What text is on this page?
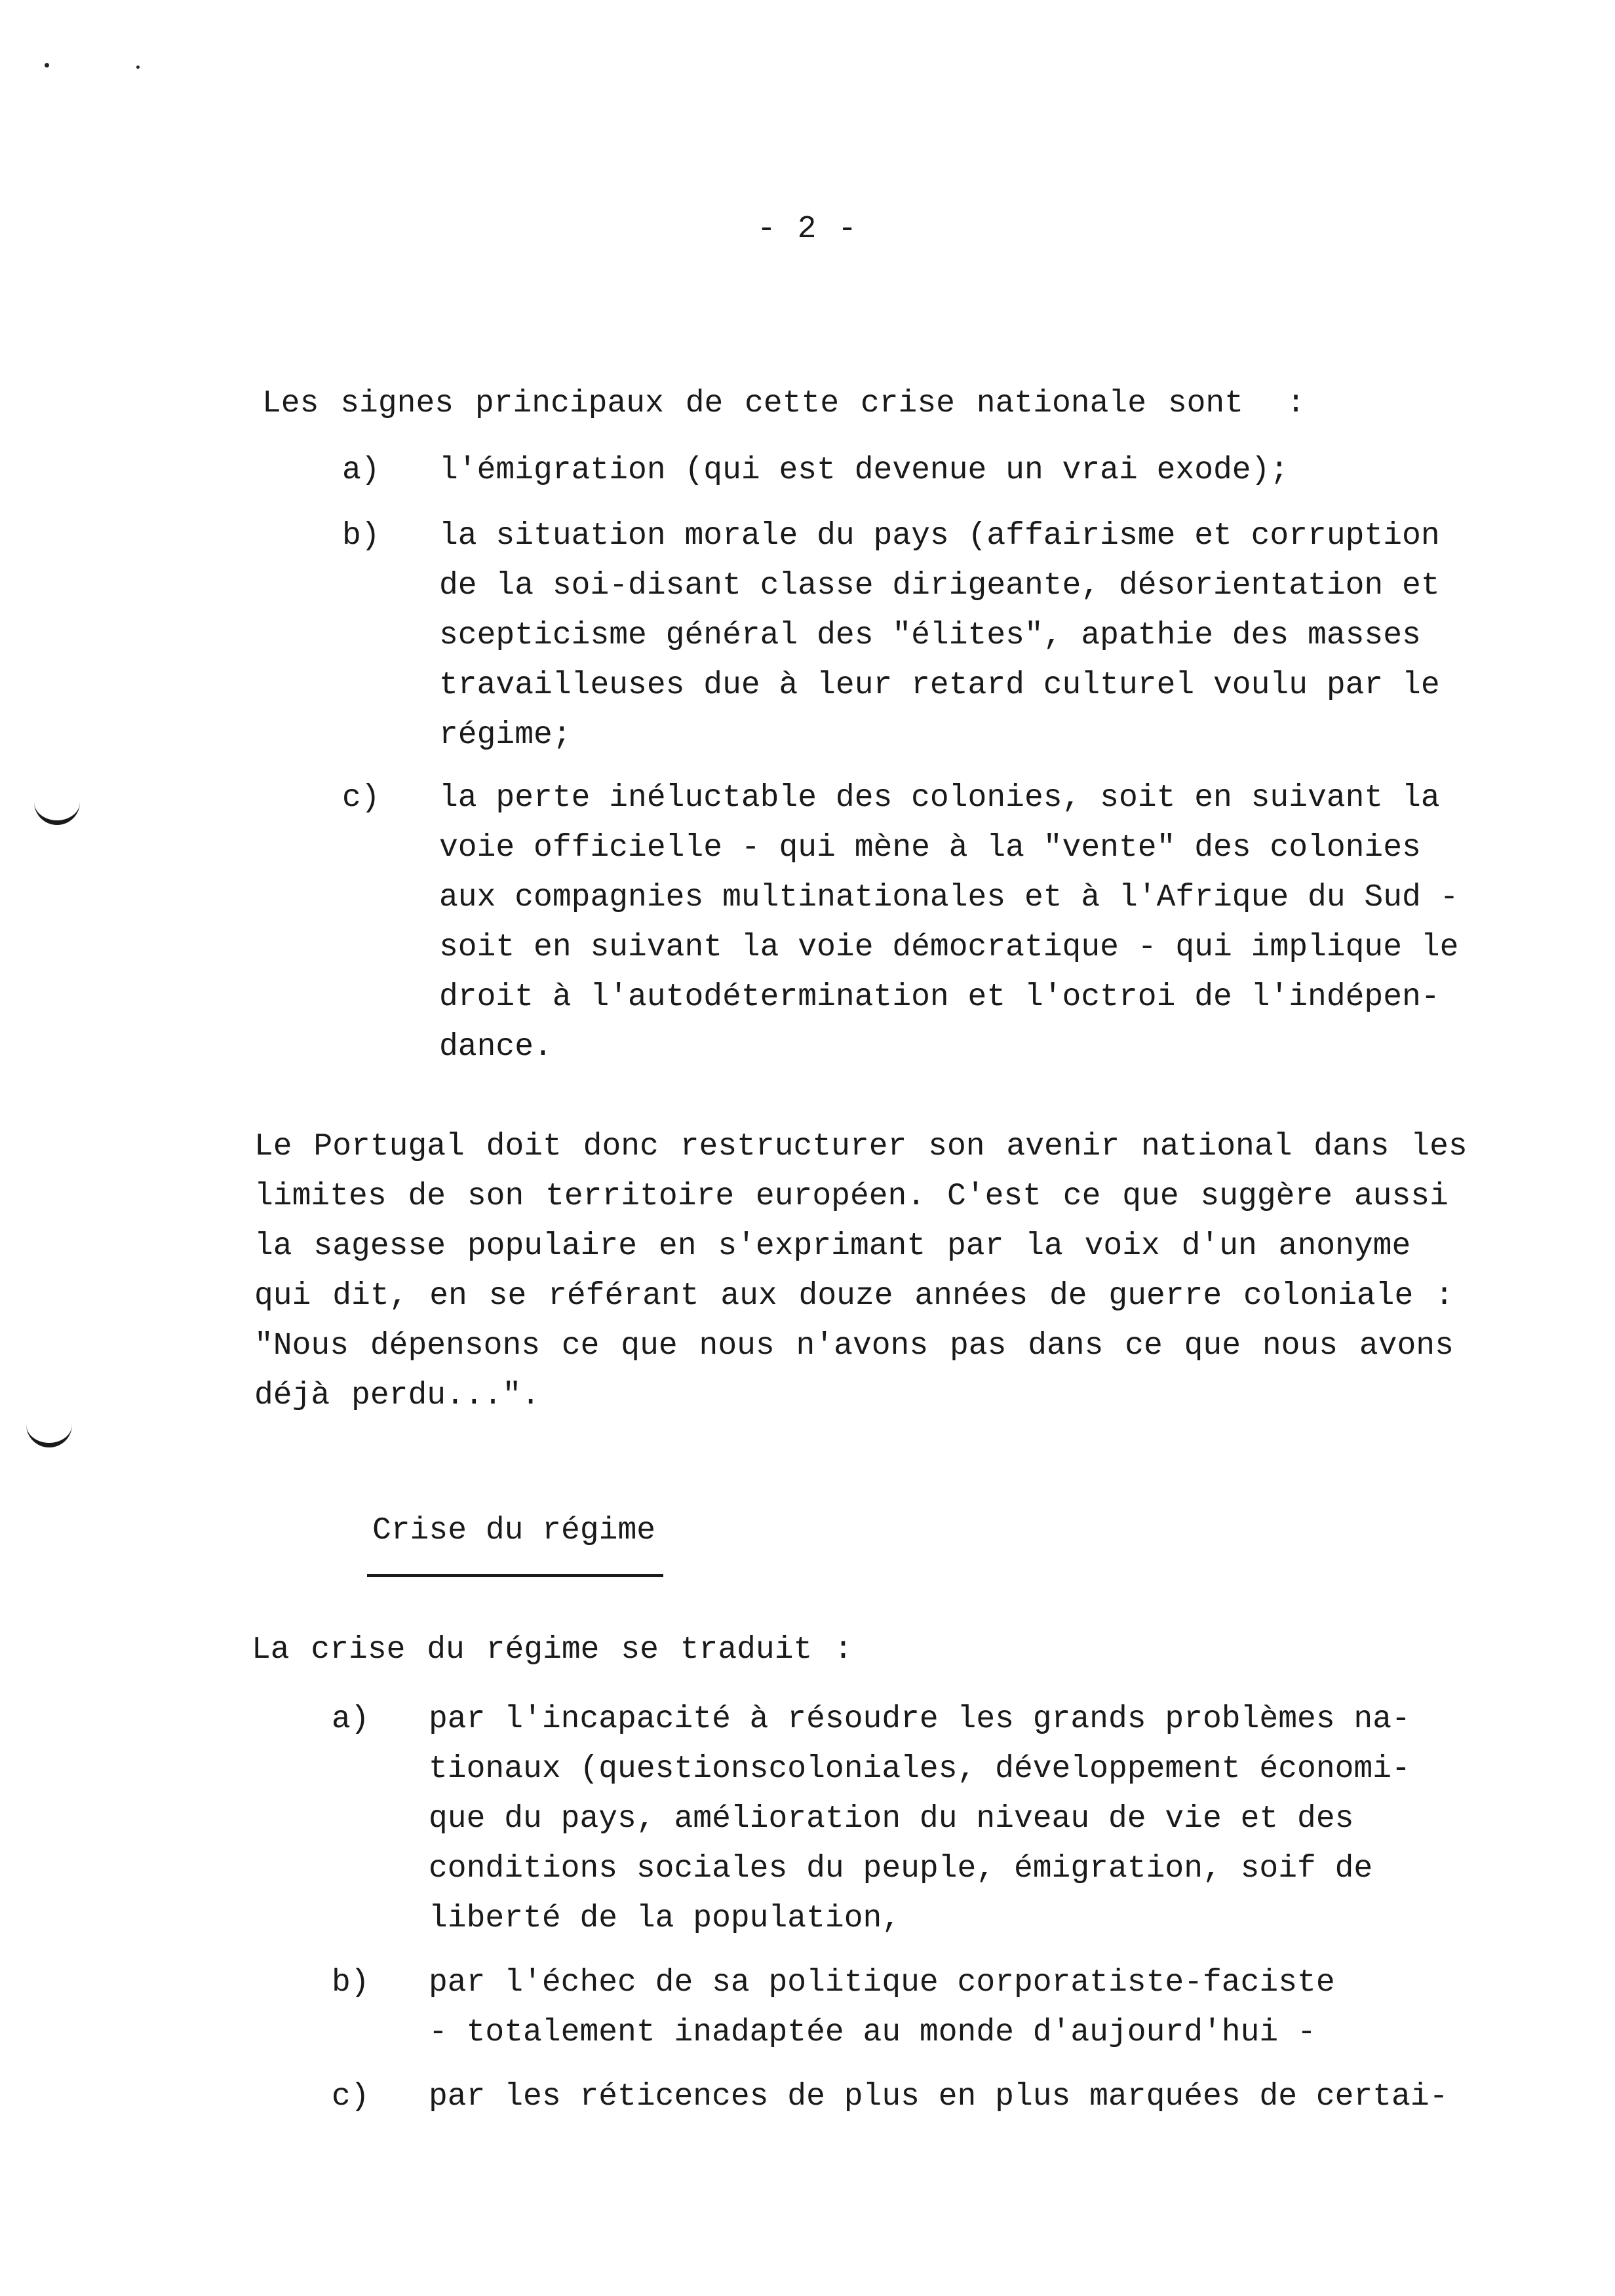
- 2 -
Les signes principaux de cette crise nationale sont  :
a)	l'émigration (qui est devenue un vrai exode);
b)	la situation morale du pays (affairisme et corruption
de la soi-disant classe dirigeante, désorientation et
scepticisme général des "élites", apathie des masses
travailleuses due à leur retard culturel voulu par le
régime;
c)	la perte inéluctable des colonies, soit en suivant la
voie officielle - qui mène à la "vente" des colonies
aux compagnies multinationales et à l'Afrique du Sud -
soit en suivant la voie démocratique - qui implique le
droit à l'autodétermination et l'octroi de l'indépen-
dance.
Le Portugal doit donc restructurer son avenir national dans les
limites de son territoire européen. C'est ce que suggère aussi
la sagesse populaire en s'exprimant par la voix d'un anonyme
qui dit, en se référant aux douze années de guerre coloniale :
"Nous dépensons ce que nous n'avons pas dans ce que nous avons
déjà perdu...".
Crise du régime
La crise du régime se traduit :
a)	par l'incapacité à résoudre les grands problèmes na-
tionaux (questionscoloniales, développement économi-
que du pays, amélioration du niveau de vie et des
conditions sociales du peuple, émigration, soif de
liberté de la population,
b)	par l'échec de sa politique corporatiste-faciste
- totalement inadaptée au monde d'aujourd'hui -
c)	par les réticences de plus en plus marquées de certai-
